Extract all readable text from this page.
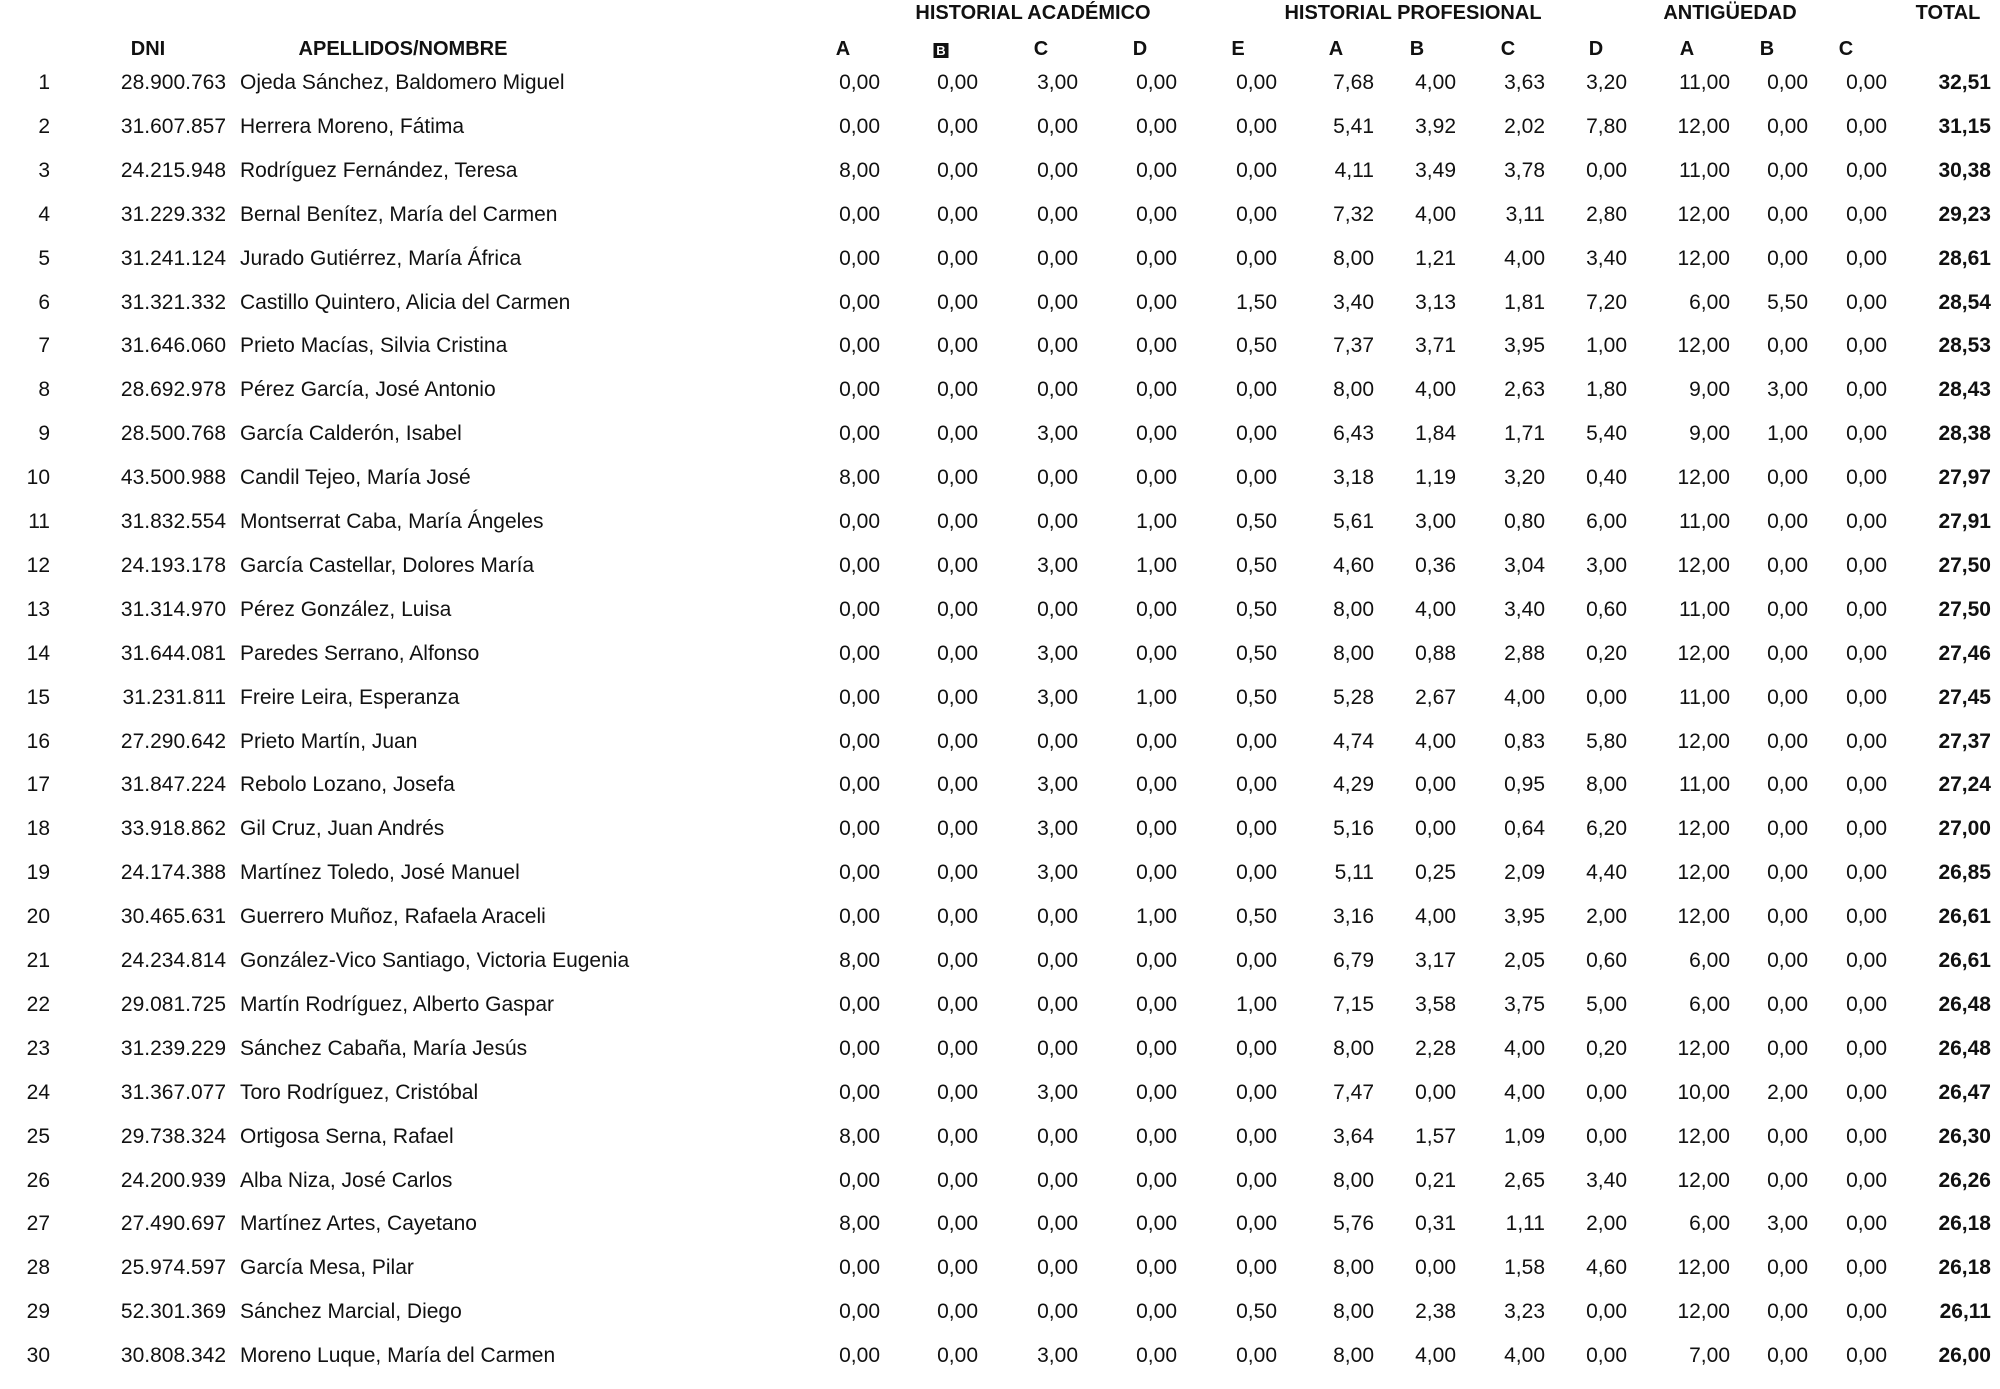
HISTORIAL ACADÉMICO	HISTORIAL PROFESIONAL	ANTIGÜEDAD	TOTAL
DNI	APELLIDOS/NOMBRE	A	B	C	D	E	A	B	C	D	A	B	C
1	28.900.763 Ojeda Sánchez, Baldomero Miguel	0,00	0,00	3,00	0,00	0,00	7,68 4,00 3,63 3,20 11,00 0,00 0,00 32,51
2	31.607.857 Herrera Moreno, Fátima	0,00	0,00	0,00	0,00	0,00	5,41 3,92 2,02 7,80 12,00 0,00 0,00 31,15
3	24.215.948 Rodríguez Fernández, Teresa	8,00	0,00	0,00	0,00	0,00	4,11 3,49 3,78 0,00 11,00 0,00 0,00 30,38
4	31.229.332 Bernal Benítez, María del Carmen	0,00	0,00	0,00	0,00	0,00	7,32 4,00 3,11 2,80 12,00 0,00 0,00 29,23
5	31.241.124 Jurado Gutiérrez, María África	0,00	0,00	0,00	0,00	0,00	8,00 1,21 4,00 3,40 12,00 0,00 0,00 28,61
6	31.321.332 Castillo Quintero, Alicia del Carmen	0,00	0,00	0,00	0,00	1,50	3,40 3,13 1,81 7,20	6,00 5,50 0,00 28,54
7	31.646.060 Prieto Macías, Silvia Cristina	0,00	0,00	0,00	0,00	0,50	7,37 3,71 3,95 1,00 12,00 0,00 0,00 28,53
8	28.692.978 Pérez García, José Antonio	0,00	0,00	0,00	0,00	0,00	8,00 4,00 2,63 1,80	9,00 3,00 0,00 28,43
9	28.500.768 García Calderón, Isabel	0,00	0,00	3,00	0,00	0,00	6,43 1,84 1,71 5,40	9,00 1,00 0,00 28,38
10	43.500.988 Candil Tejeo, María José	8,00	0,00	0,00	0,00	0,00	3,18 1,19 3,20 0,40 12,00 0,00 0,00 27,97
11	31.832.554 Montserrat Caba, María Ángeles	0,00	0,00	0,00	1,00	0,50	5,61 3,00 0,80 6,00 11,00 0,00 0,00 27,91
12	24.193.178 García Castellar, Dolores María	0,00	0,00	3,00	1,00	0,50	4,60 0,36 3,04 3,00 12,00 0,00 0,00 27,50
13	31.314.970 Pérez González, Luisa	0,00	0,00	0,00	0,00	0,50	8,00 4,00 3,40 0,60 11,00 0,00 0,00 27,50
14	31.644.081 Paredes Serrano, Alfonso	0,00	0,00	3,00	0,00	0,50	8,00 0,88 2,88 0,20 12,00 0,00 0,00 27,46
15	31.231.811 Freire Leira, Esperanza	0,00	0,00	3,00	1,00	0,50	5,28 2,67 4,00 0,00 11,00 0,00 0,00 27,45
16	27.290.642 Prieto Martín, Juan	0,00	0,00	0,00	0,00	0,00	4,74 4,00 0,83 5,80 12,00 0,00 0,00 27,37
17	31.847.224 Rebolo Lozano, Josefa	0,00	0,00	3,00	0,00	0,00	4,29 0,00 0,95 8,00 11,00 0,00 0,00 27,24
18	33.918.862 Gil Cruz, Juan Andrés	0,00	0,00	3,00	0,00	0,00	5,16 0,00 0,64 6,20 12,00 0,00 0,00 27,00
19	24.174.388 Martínez Toledo, José Manuel	0,00	0,00	3,00	0,00	0,00	5,11 0,25 2,09 4,40 12,00 0,00 0,00 26,85
20	30.465.631 Guerrero Muñoz, Rafaela Araceli	0,00	0,00	0,00	1,00	0,50	3,16 4,00 3,95 2,00 12,00 0,00 0,00 26,61
21	24.234.814 González-Vico Santiago, Victoria Eugenia	8,00	0,00	0,00	0,00	0,00	6,79 3,17 2,05 0,60	6,00 0,00 0,00 26,61
22	29.081.725 Martín Rodríguez, Alberto Gaspar	0,00	0,00	0,00	0,00	1,00	7,15 3,58 3,75 5,00	6,00 0,00 0,00 26,48
23	31.239.229 Sánchez Cabaña, María Jesús	0,00	0,00	0,00	0,00	0,00	8,00 2,28 4,00 0,20 12,00 0,00 0,00 26,48
24	31.367.077 Toro Rodríguez, Cristóbal	0,00	0,00	3,00	0,00	0,00	7,47 0,00 4,00 0,00 10,00 2,00 0,00 26,47
25	29.738.324 Ortigosa Serna, Rafael	8,00	0,00	0,00	0,00	0,00	3,64 1,57 1,09 0,00 12,00 0,00 0,00 26,30
26	24.200.939 Alba Niza, José Carlos	0,00	0,00	0,00	0,00	0,00	8,00 0,21 2,65 3,40 12,00 0,00 0,00 26,26
27	27.490.697 Martínez Artes, Cayetano	8,00	0,00	0,00	0,00	0,00	5,76 0,31 1,11 2,00	6,00 3,00 0,00 26,18
28	25.974.597 García Mesa, Pilar	0,00	0,00	0,00	0,00	0,00	8,00 0,00 1,58 4,60 12,00 0,00 0,00 26,18
29	52.301.369 Sánchez Marcial, Diego	0,00	0,00	0,00	0,00	0,50	8,00 2,38 3,23 0,00 12,00 0,00 0,00	26,11
30	30.808.342 Moreno Luque, María del Carmen	0,00	0,00	3,00	0,00	0,00	8,00 4,00 4,00 0,00	7,00 0,00 0,00 26,00
